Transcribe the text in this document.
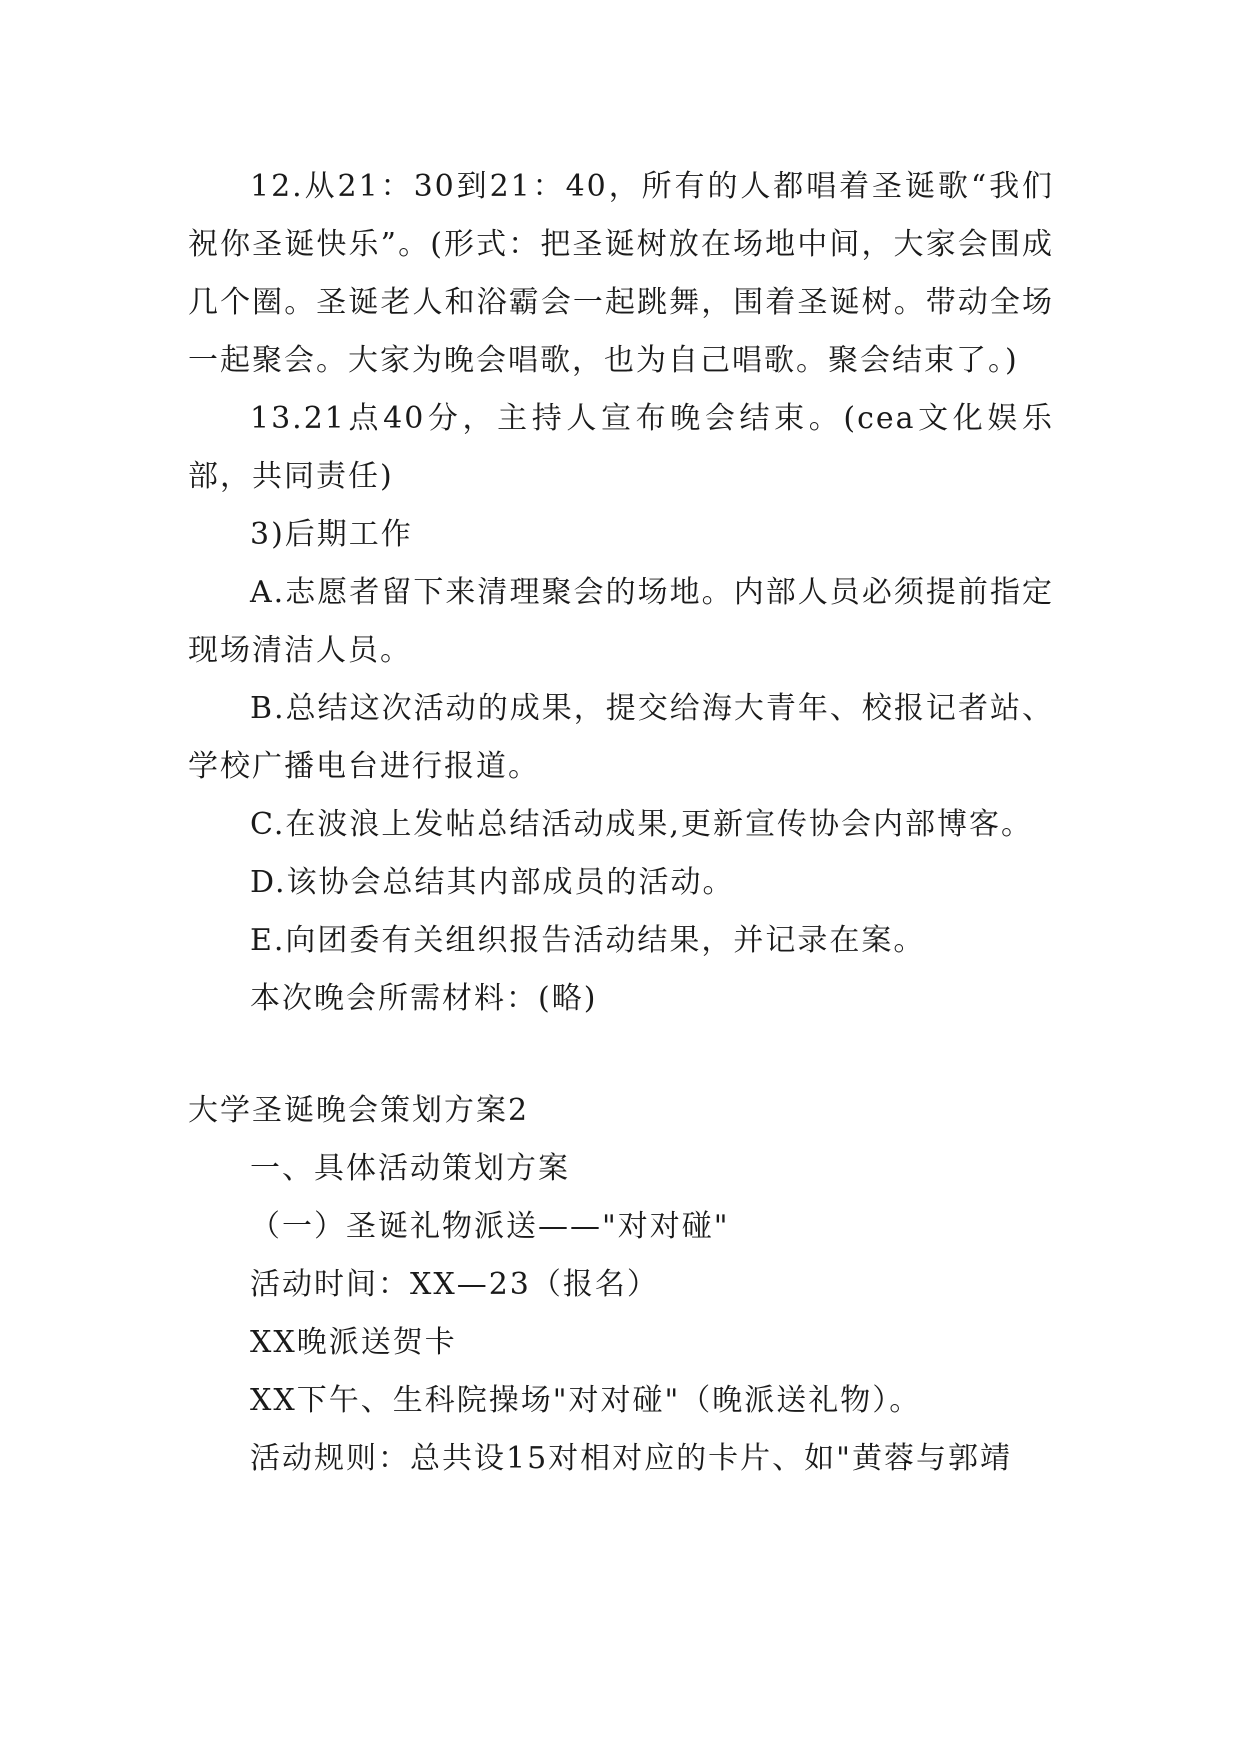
12.从21：30到21：40，所有的人都唱着圣诞歌“我们祝你圣诞快乐”。(形式：把圣诞树放在场地中间，大家会围成几个圈。圣诞老人和浴霸会一起跳舞，围着圣诞树。带动全场一起聚会。大家为晚会唱歌，也为自己唱歌。聚会结束了。)

13.21点40分，主持人宣布晚会结束。(cea文化娱乐部，共同责任)

3)后期工作

A.志愿者留下来清理聚会的场地。内部人员必须提前指定现场清洁人员。

B.总结这次活动的成果，提交给海大青年、校报记者站、学校广播电台进行报道。

C.在波浪上发帖总结活动成果,更新宣传协会内部博客。

D.该协会总结其内部成员的活动。

E.向团委有关组织报告活动结果，并记录在案。

本次晚会所需材料：(略)

大学圣诞晚会策划方案2

一、具体活动策划方案

（一）圣诞礼物派送——"对对碰"

活动时间：XX—23（报名）

XX晚派送贺卡

XX下午、生科院操场"对对碰"（晚派送礼物）。

活动规则：总共设15对相对应的卡片、如"黄蓉与郭靖
